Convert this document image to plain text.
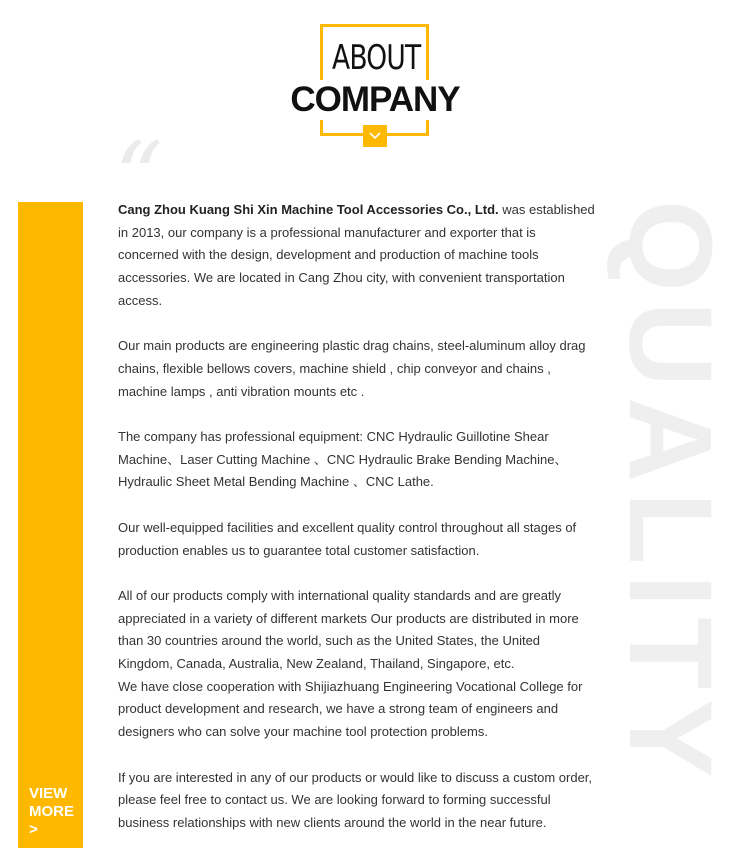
ABOUT
COMPANY
“
QUALITY
VIEW
MORE
>

Cang Zhou Kuang Shi Xin Machine Tool Accessories Co., Ltd. was established in 2013, our company is a professional manufacturer and exporter that is concerned with the design, development and production of machine tools accessories. We are located in Cang Zhou city, with convenient transportation access.

Our main products are engineering plastic drag chains, steel-aluminum alloy drag chains, flexible bellows covers, machine shield , chip conveyor and chains , machine lamps , anti vibration mounts etc .

The company has professional equipment: CNC Hydraulic Guillotine Shear Machine、Laser Cutting Machine 、CNC Hydraulic Brake Bending Machine、Hydraulic Sheet Metal Bending Machine 、CNC Lathe.

Our well-equipped facilities and excellent quality control throughout all stages of production enables us to guarantee total customer satisfaction.

All of our products comply with international quality standards and are greatly appreciated in a variety of different markets Our products are distributed in more than 30 countries around the world, such as the United States, the United Kingdom, Canada, Australia, New Zealand, Thailand, Singapore, etc.

We have close cooperation with Shijiazhuang Engineering Vocational College for product development and research, we have a strong team of engineers and designers who can solve your machine tool protection problems.

If you are interested in any of our products or would like to discuss a custom order, please feel free to contact us. We are looking forward to forming successful business relationships with new clients around the world in the near future.
